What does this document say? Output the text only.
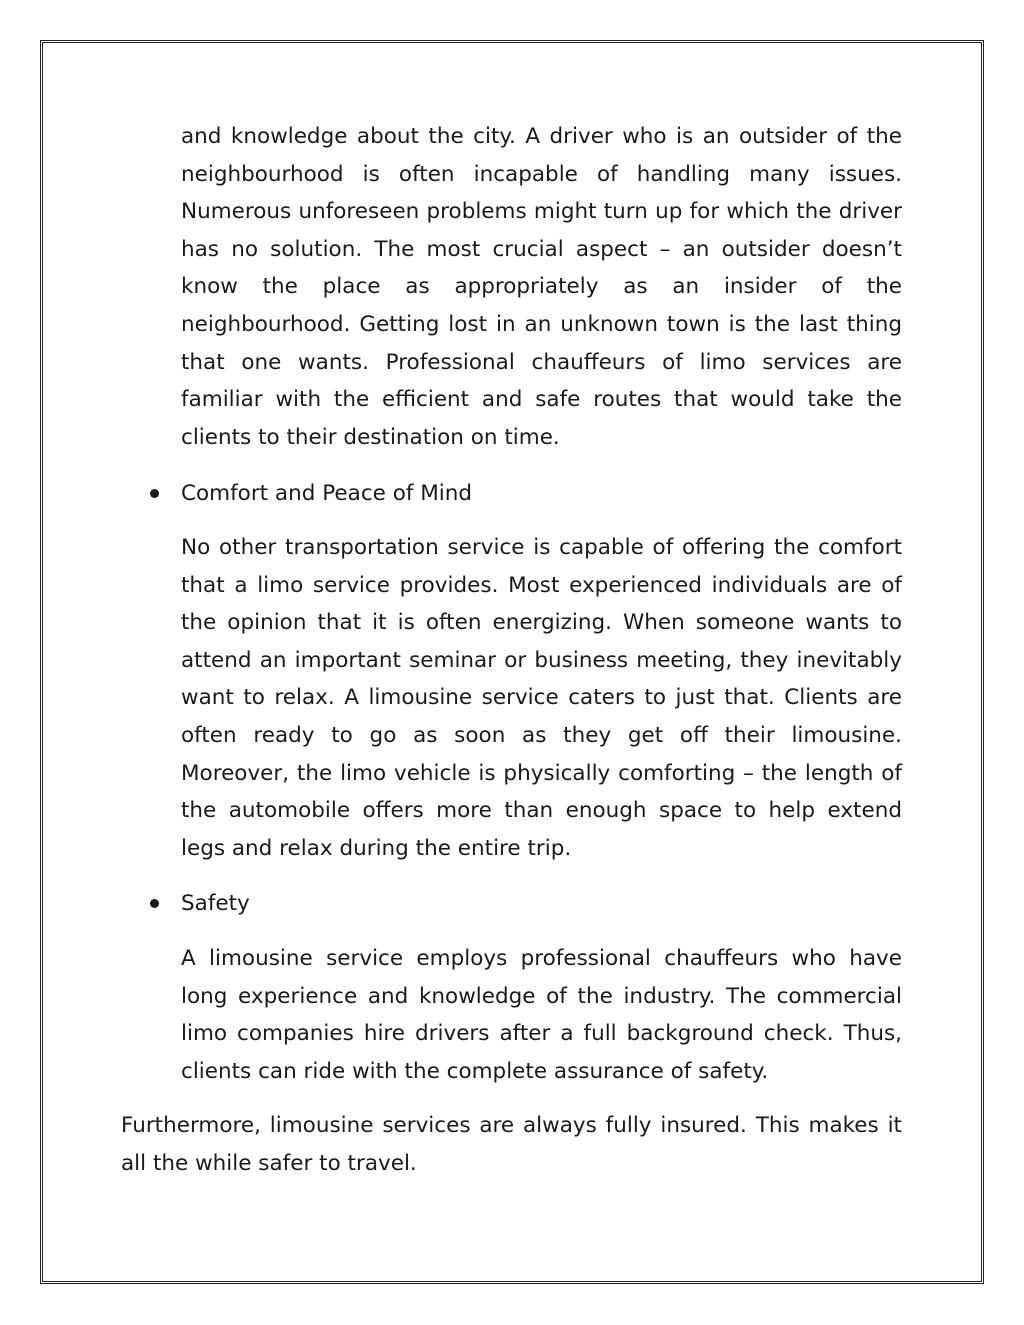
and knowledge about the city. A driver who is an outsider of the neighbourhood is often incapable of handling many issues. Numerous unforeseen problems might turn up for which the driver has no solution. The most crucial aspect – an outsider doesn’t know the place as appropriately as an insider of the neighbourhood. Getting lost in an unknown town is the last thing that one wants. Professional chauffeurs of limo services are familiar with the efficient and safe routes that would take the clients to their destination on time.

Comfort and Peace of Mind

No other transportation service is capable of offering the comfort that a limo service provides. Most experienced individuals are of the opinion that it is often energizing. When someone wants to attend an important seminar or business meeting, they inevitably want to relax. A limousine service caters to just that. Clients are often ready to go as soon as they get off their limousine. Moreover, the limo vehicle is physically comforting – the length of the automobile offers more than enough space to help extend legs and relax during the entire trip.

Safety

A limousine service employs professional chauffeurs who have long experience and knowledge of the industry. The commercial limo companies hire drivers after a full background check. Thus, clients can ride with the complete assurance of safety.

Furthermore, limousine services are always fully insured. This makes it all the while safer to travel.
